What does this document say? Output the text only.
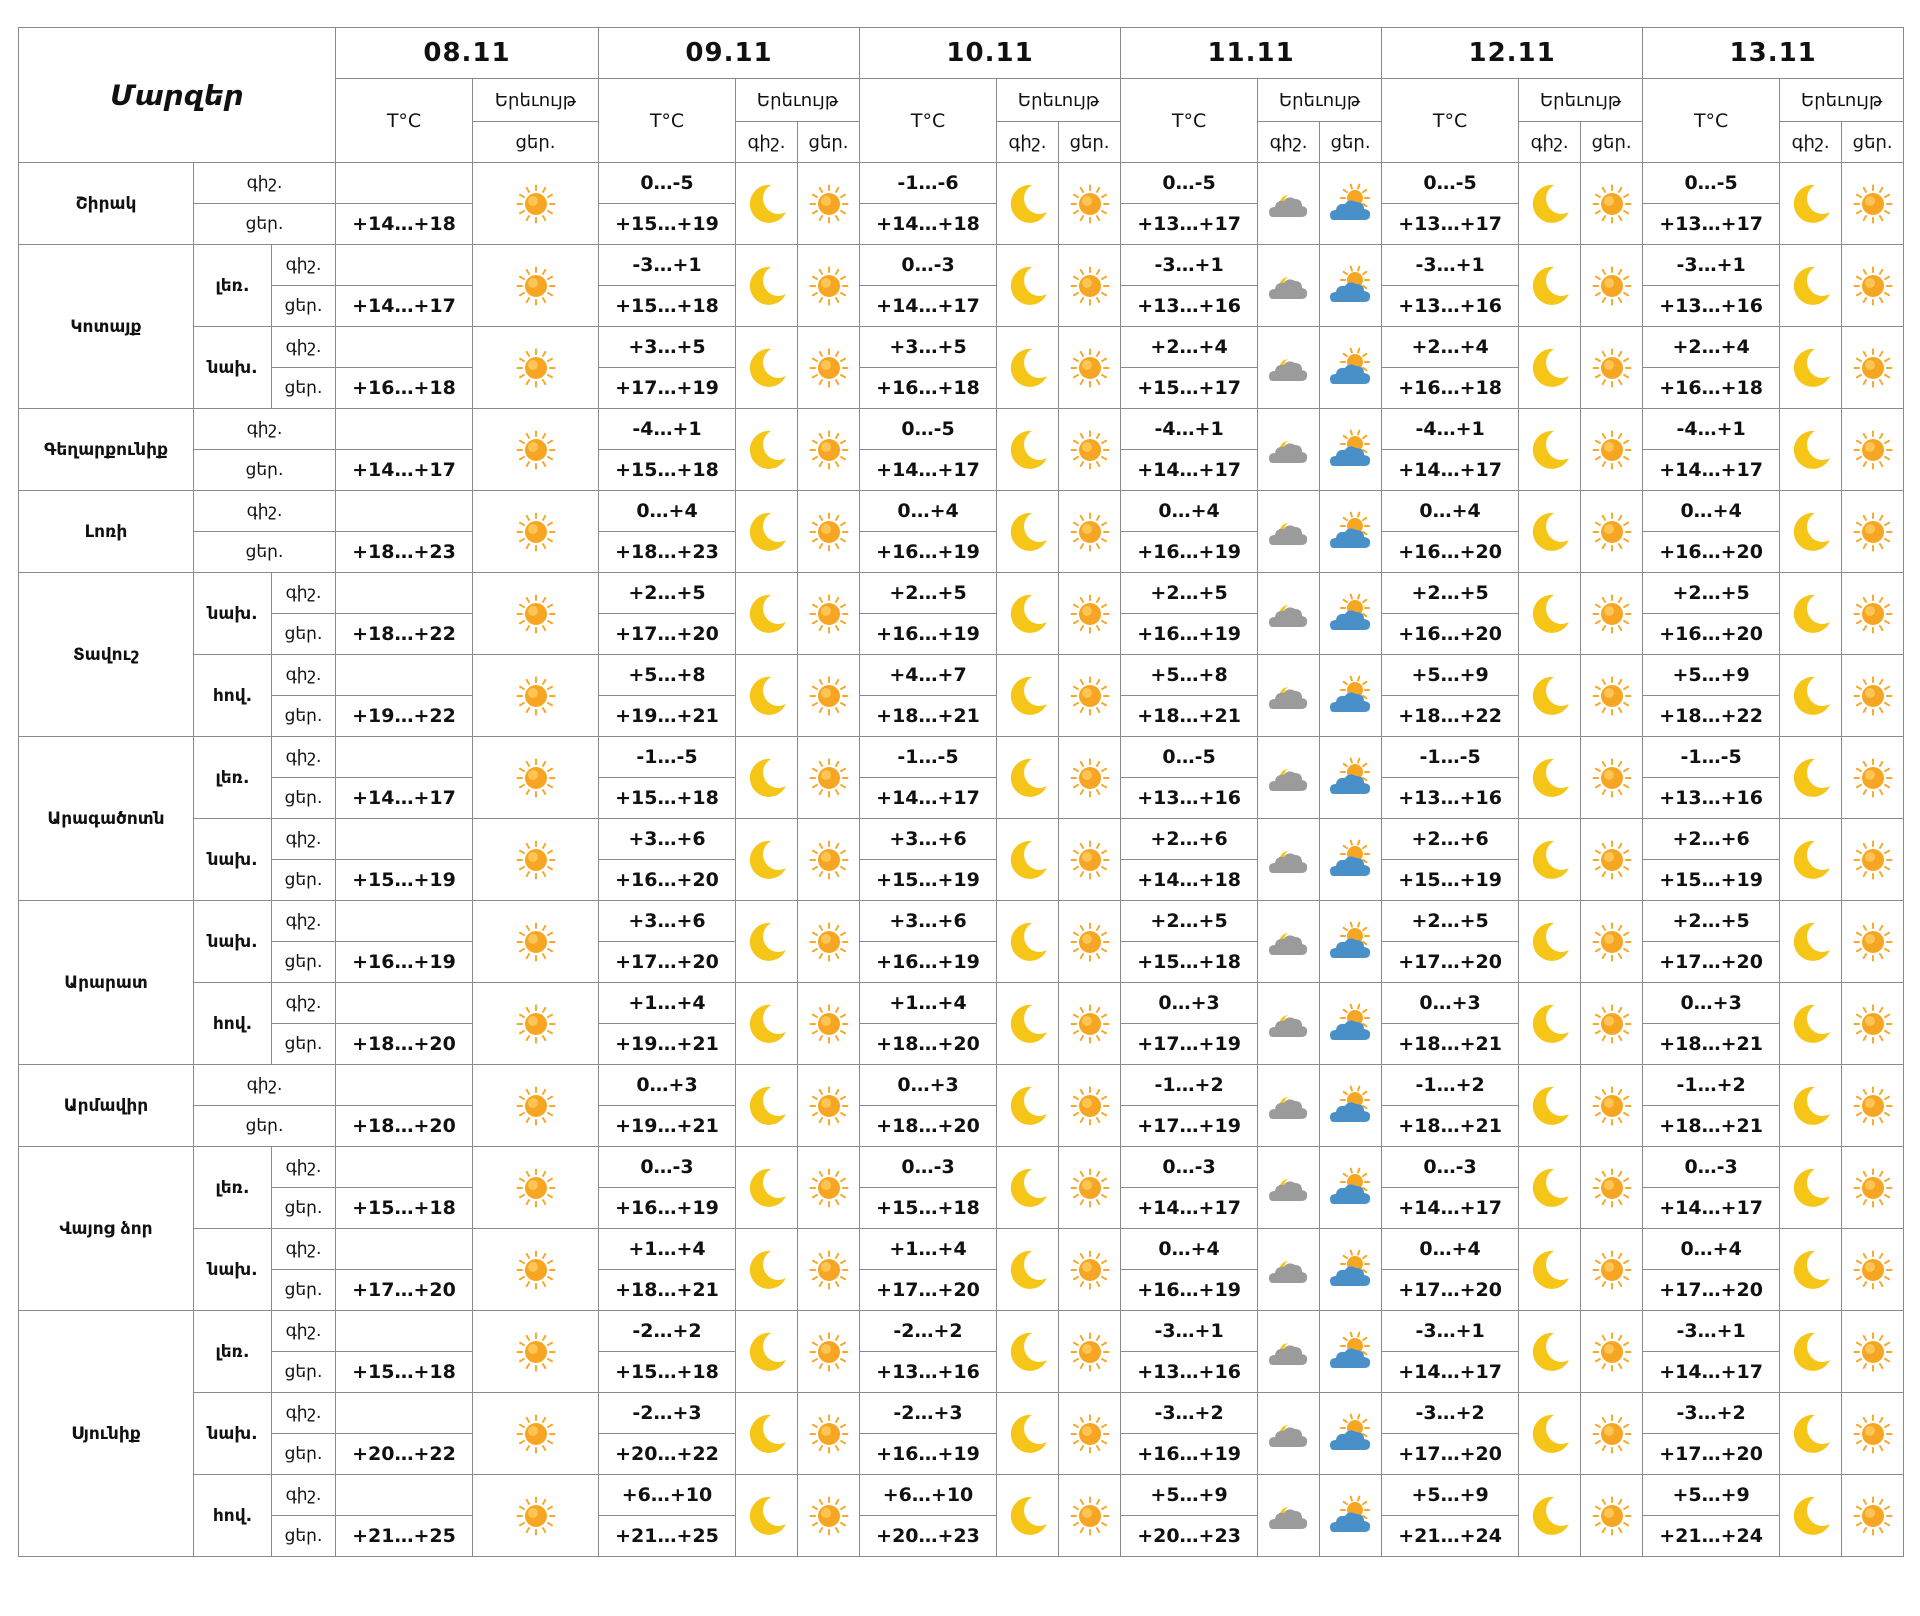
Մարզեր			08.11		09.11			10.11			11.11			12.11			13.11		
			T°C	Երեւույթ	T°C	Երեւույթ		T°C	Երեւույթ		T°C	Երեւույթ		T°C	Երեւույթ		T°C	Երեւույթ	
				ցեր.		գիշ.	ցեր.		գիշ.	ցեր.		գիշ.	ցեր.		գիշ.	ցեր.		գիշ.	ցեր.
Շիրակ	գիշ.				0…-5			-1…-6			0…-5			0…-5			0…-5	

	ցեր.		+14…+18		+15…+19			+14…+18			+13…+17			+13…+17			+13…+17		
Կոտայք	լեռ.	գիշ.			-3…+1			0…-3			-3…+1			-3…+1			-3…+1	

		ցեր.	+14…+17		+15…+18			+14…+17			+13…+16			+13…+16			+13…+16		
	նախ.	գիշ.			+3…+5			+3…+5			+2…+4			+2…+4			+2…+4	

		ցեր.	+16…+18		+17…+19			+16…+18			+15…+17			+16…+18			+16…+18		
Գեղարքունիք	գիշ.				-4…+1			0…-5			-4…+1			-4…+1			-4…+1	

	ցեր.		+14…+17		+15…+18			+14…+17			+14…+17			+14…+17			+14…+17		
Լոռի	գիշ.				0…+4			0…+4			0…+4			0…+4			0…+4	

	ցեր.		+18…+23		+18…+23			+16…+19			+16…+19			+16…+20			+16…+20		
Տավուշ	նախ.	գիշ.			+2…+5			+2…+5			+2…+5			+2…+5			+2…+5	

		ցեր.	+18…+22		+17…+20			+16…+19			+16…+19			+16…+20			+16…+20		
	հով.	գիշ.			+5…+8			+4…+7			+5…+8			+5…+9			+5…+9	

		ցեր.	+19…+22		+19…+21			+18…+21			+18…+21			+18…+22			+18…+22		
Արագածոտն	լեռ.	գիշ.			-1…-5			-1…-5			0…-5			-1…-5			-1…-5	

		ցեր.	+14…+17		+15…+18			+14…+17			+13…+16			+13…+16			+13…+16		
	նախ.	գիշ.			+3…+6			+3…+6			+2…+6			+2…+6			+2…+6	

		ցեր.	+15…+19		+16…+20			+15…+19			+14…+18			+15…+19			+15…+19		
Արարատ	նախ.	գիշ.			+3…+6			+3…+6			+2…+5			+2…+5			+2…+5	

		ցեր.	+16…+19		+17…+20			+16…+19			+15…+18			+17…+20			+17…+20		
	հով.	գիշ.			+1…+4			+1…+4			0…+3			0…+3			0…+3	

		ցեր.	+18…+20		+19…+21			+18…+20			+17…+19			+18…+21			+18…+21		
Արմավիր	գիշ.				0…+3			0…+3			-1…+2			-1…+2			-1…+2	

	ցեր.		+18…+20		+19…+21			+18…+20			+17…+19			+18…+21			+18…+21		
Վայոց ձոր	լեռ.	գիշ.			0…-3			0…-3			0…-3			0…-3			0…-3	

		ցեր.	+15…+18		+16…+19			+15…+18			+14…+17			+14…+17			+14…+17		
	նախ.	գիշ.			+1…+4			+1…+4			0…+4			0…+4			0…+4	

		ցեր.	+17…+20		+18…+21			+17…+20			+16…+19			+17…+20			+17…+20		
Սյունիք	լեռ.	գիշ.			-2…+2			-2…+2			-3…+1			-3…+1			-3…+1	

		ցեր.	+15…+18		+15…+18			+13…+16			+13…+16			+14…+17			+14…+17		
	նախ.	գիշ.			-2…+3			-2…+3			-3…+2			-3…+2			-3…+2	

		ցեր.	+20…+22		+20…+22			+16…+19			+16…+19			+17…+20			+17…+20		
	հով.	գիշ.			+6…+10			+6…+10			+5…+9			+5…+9			+5…+9	

		ցեր.	+21…+25		+21…+25			+20…+23			+20…+23			+21…+24			+21…+24		
